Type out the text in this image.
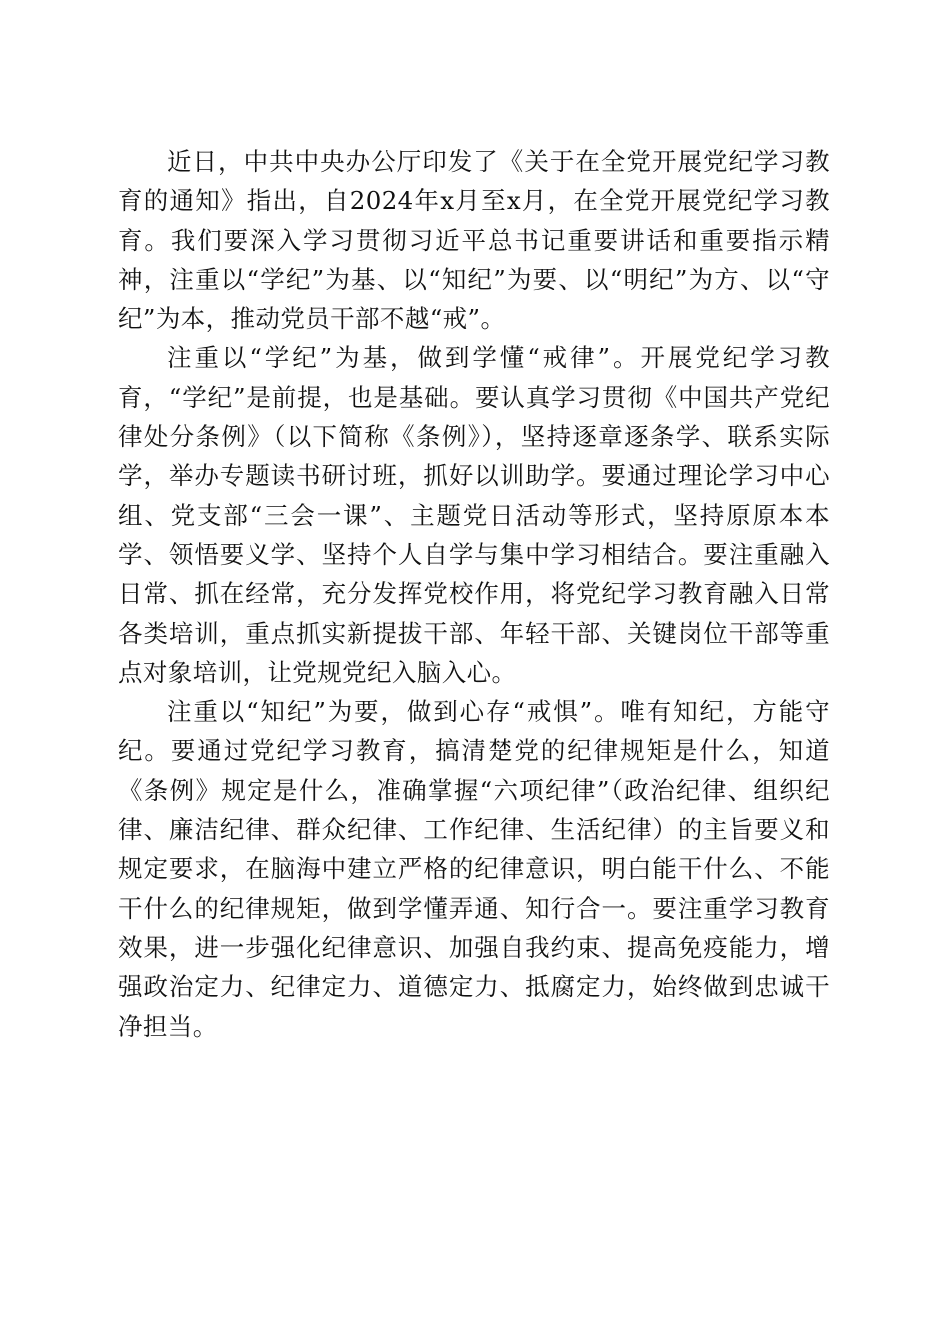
近日，中共中央办公厅印发了《关于在全党开展党纪学习教育的通知》指出，自2024年x月至x月，在全党开展党纪学习教育。我们要深入学习贯彻习近平总书记重要讲话和重要指示精神，注重以“学纪”为基、以“知纪”为要、以“明纪”为方、以“守纪”为本，推动党员干部不越“戒”。

注重以“学纪”为基，做到学懂“戒律”。开展党纪学习教育，“学纪”是前提，也是基础。要认真学习贯彻《中国共产党纪律处分条例》（以下简称《条例》），坚持逐章逐条学、联系实际学，举办专题读书研讨班，抓好以训助学。要通过理论学习中心组、党支部“三会一课”、主题党日活动等形式，坚持原原本本学、领悟要义学、坚持个人自学与集中学习相结合。要注重融入日常、抓在经常，充分发挥党校作用，将党纪学习教育融入日常各类培训，重点抓实新提拔干部、年轻干部、关键岗位干部等重点对象培训，让党规党纪入脑入心。

注重以“知纪”为要，做到心存“戒惧”。唯有知纪，方能守纪。要通过党纪学习教育，搞清楚党的纪律规矩是什么，知道《条例》规定是什么，准确掌握“六项纪律”（政治纪律、组织纪律、廉洁纪律、群众纪律、工作纪律、生活纪律）的主旨要义和规定要求，在脑海中建立严格的纪律意识，明白能干什么、不能干什么的纪律规矩，做到学懂弄通、知行合一。要注重学习教育效果，进一步强化纪律意识、加强自我约束、提高免疫能力，增强政治定力、纪律定力、道德定力、抵腐定力，始终做到忠诚干净担当。
